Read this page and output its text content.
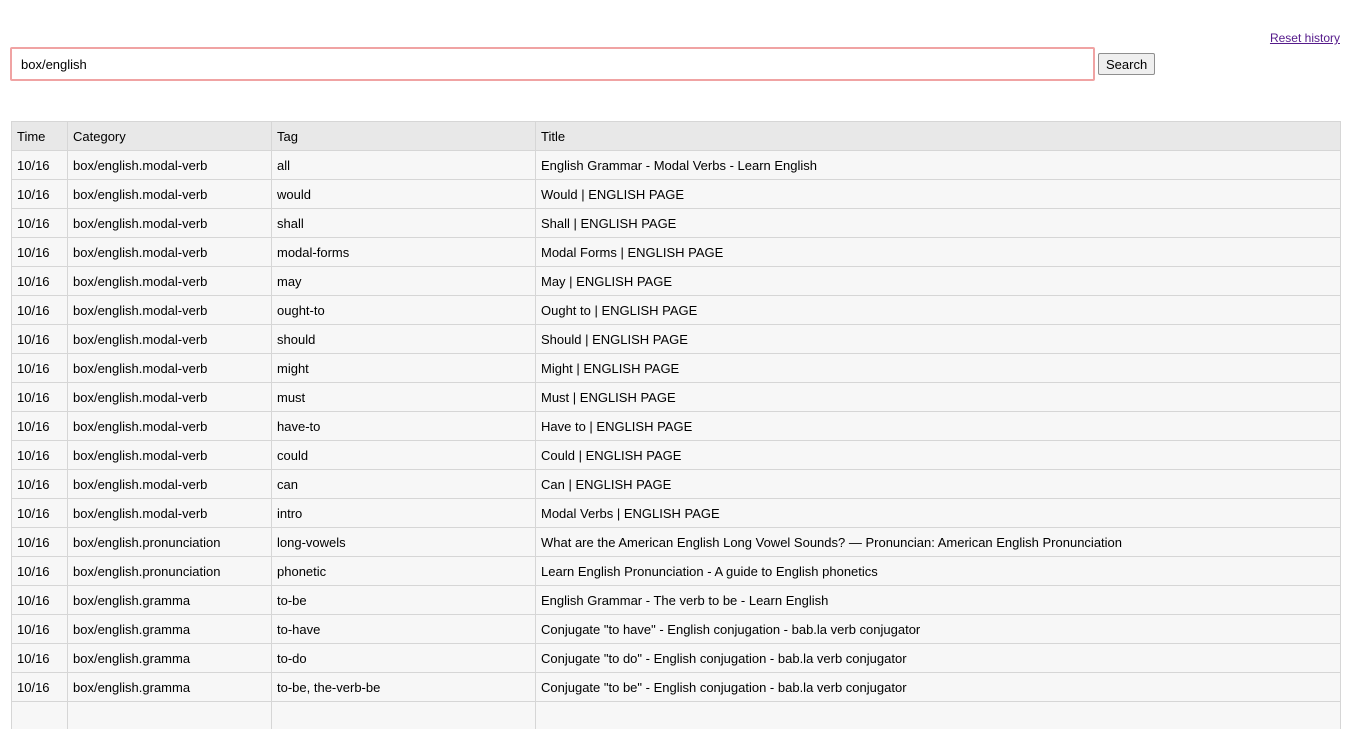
Reset history
box/english
Search
Time	Category	Tag	Title
10/16	box/english.modal-verb	all	English Grammar - Modal Verbs - Learn English
10/16	box/english.modal-verb	would	Would | ENGLISH PAGE
10/16	box/english.modal-verb	shall	Shall | ENGLISH PAGE
10/16	box/english.modal-verb	modal-forms	Modal Forms | ENGLISH PAGE
10/16	box/english.modal-verb	may	May | ENGLISH PAGE
10/16	box/english.modal-verb	ought-to	Ought to | ENGLISH PAGE
10/16	box/english.modal-verb	should	Should | ENGLISH PAGE
10/16	box/english.modal-verb	might	Might | ENGLISH PAGE
10/16	box/english.modal-verb	must	Must | ENGLISH PAGE
10/16	box/english.modal-verb	have-to	Have to | ENGLISH PAGE
10/16	box/english.modal-verb	could	Could | ENGLISH PAGE
10/16	box/english.modal-verb	can	Can | ENGLISH PAGE
10/16	box/english.modal-verb	intro	Modal Verbs | ENGLISH PAGE
10/16	box/english.pronunciation	long-vowels	What are the American English Long Vowel Sounds? — Pronuncian: American English Pronunciation
10/16	box/english.pronunciation	phonetic	Learn English Pronunciation - A guide to English phonetics
10/16	box/english.gramma	to-be	English Grammar - The verb to be - Learn English
10/16	box/english.gramma	to-have	Conjugate "to have" - English conjugation - bab.la verb conjugator
10/16	box/english.gramma	to-do	Conjugate "to do" - English conjugation - bab.la verb conjugator
10/16	box/english.gramma	to-be, the-verb-be	Conjugate "to be" - English conjugation - bab.la verb conjugator
